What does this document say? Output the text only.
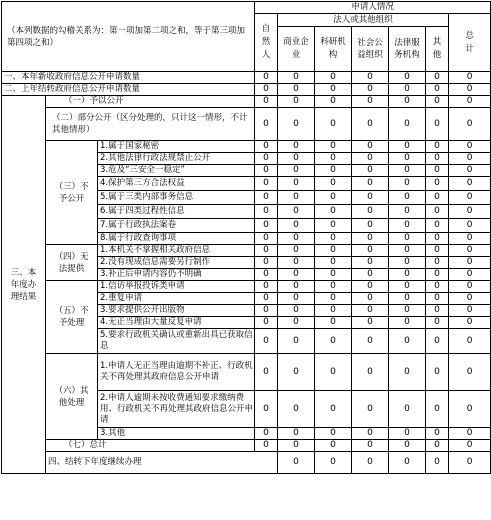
（本列数据的勾稽关系为：第一项加第二项之和，等于第三项加第四项之和）			申请人情况							

			自然人	法人或其他组织					总计	

				商业企业	科研机构	社会公益组织	法律服务机构	其他		

一、本年新收政府信息公开申请数量			0	0	0	0	0	0	0	
二、上年结转政府信息公开申请数量			0	0	0	0	0	0	0	

三、本年度办理结果	（一）予以公开		0	0	0	0	0	0	0	

	（二）部分公开（区分处理的，只计这一情形，不计其他情形）		0	0	0	0	0	0	0	

	（三）不予公开	1.属于国家秘密	0	0	0	0	0	0	0	

		2.其他法律行政法规禁止公开	0	0	0	0	0	0	0	

		3.危及“三安全一稳定”	0	0	0	0	0	0	0	

		4.保护第三方合法权益	0	0	0	0	0	0	0	

		5.属于三类内部事务信息	0	0	0	0	0	0	0	

		6.属于四类过程性信息	0	0	0	0	0	0	0	

		7.属于行政执法案卷	0	0	0	0	0	0	0	

		8.属于行政查询事项	0	0	0	0	0	0	0	

	（四）无法提供	1.本机关不掌握相关政府信息	0	0	0	0	0	0	0	

		2.没有现成信息需要另行制作	0	0	0	0	0	0	0	

		3.补正后申请内容仍不明确	0	0	0	0	0	0	0	

	（五）不予处理	1.信访举报投诉类申请	0	0	0	0	0	0	0	

		2.重复申请	0	0	0	0	0	0	0	

		3.要求提供公开出版物	0	0	0	0	0	0	0	

		4.无正当理由大量反复申请	0	0	0	0	0	0	0	

		5.要求行政机关确认或重新出具已获取信息	0	0	0	0	0	0	0	

	（六）其他处理	1.申请人无正当理由逾期不补正、行政机关不再处理其政府信息公开申请	0	0	0	0	0	0	0	

		2.申请人逾期未按收费通知要求缴纳费用、行政机关不再处理其政府信息公开申请	0	0	0	0	0	0	0	

		3.其他	0	0	0	0	0	0	0	
	（七）总计		0	0	0	0	0	0	0	
	四、结转下年度继续办理			0	0	0	0	0	0	
